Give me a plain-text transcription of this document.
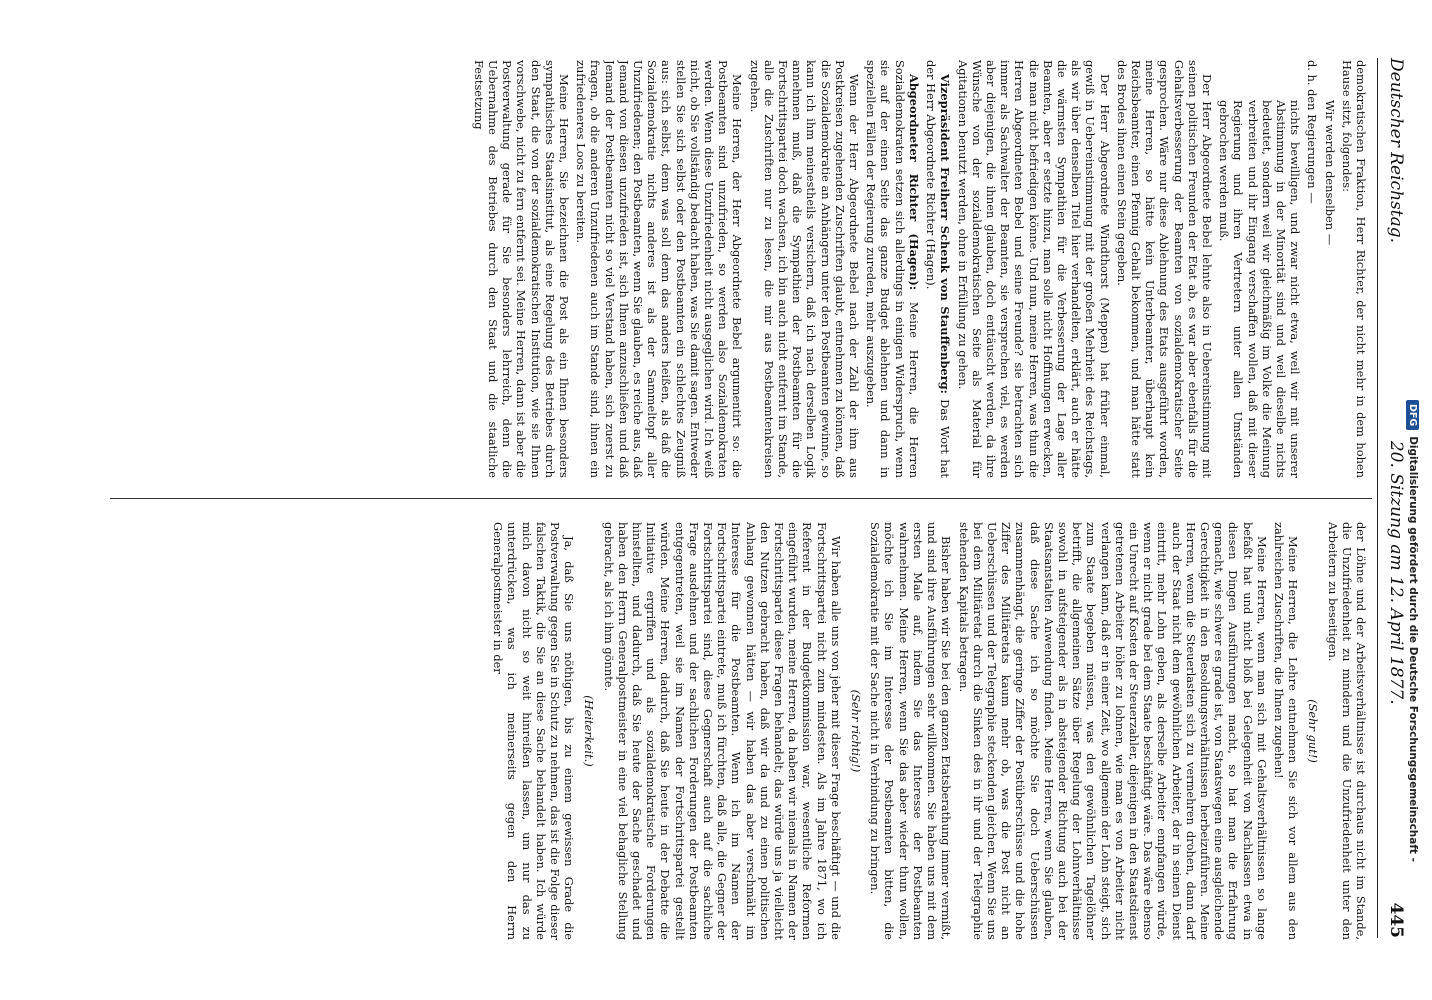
Deutscher Reichstag.
20. Sitzung am 12. April 1877.
445

demokratischen Fraktion, Herr Richter, der nicht mehr in dem hohen Hause sitzt, folgendes:

Wir werden denselben —

d. h. den Regierungen —

nichts bewilligen, und zwar nicht etwa, weil wir mit unserer Abstimmung in der Minorität sind und weil dieselbe nichts bedeutet, sondern weil wir gleichmäßig im Volke die Meinung verbreiten und ihr Eingang verschaffen wollen, daß mit dieser Regierung und ihren Vertretern unter allen Umständen gebrochen werden muß.

Der Herr Abgeordnete Bebel lehnte also in Uebereinstimmung mit seinen politischen Freunden der Etat ab, es war aber ebenfalls für die Gehaltsverbesserung der Beamten von sozialdemokratischer Seite gesprochen. Wäre nur diese Ablehnung des Etats ausgeführt worden, meine Herren, so hätte kein Unterbeamter, überhaupt kein Reichsbeamter, einen Pfennig Gehalt bekommen, und man hätte statt des Brodes ihnen einen Stein gegeben.

Der Herr Abgeordnete Windthorst (Meppen) hat früher einmal, gewiß in Uebereinstimmung mit der großen Mehrheit des Reichstags, als wir über denselben Titel hier verhandelten, erklärt, auch er hätte die wärmsten Sympathien für die Verbesserung der Lage aller Beamten, aber er setzte hinzu, man solle nicht Hoffnungen erwecken, die man nicht befriedigen könne. Und nun, meine Herren, was thun die Herren Abgeordneten Bebel und seine Freunde? sie betrachten sich immer als Sachwalter der Beamten, sie versprechen viel, es werden aber diejenigen, die ihnen glauben, doch enttäuscht werden, da ihre Wünsche von der sozialdemokratischen Seite als Material für Agitationen benutzt werden, ohne in Erfüllung zu gehen.

Vizepräsident Freiherr Schenk von Stauffenberg: Das Wort hat der Herr Abgeordnete Richter (Hagen).

Abgeordneter Richter (Hagen): Meine Herren, die Herren Sozialdemokraten setzen sich allerdings in einigen Widerspruch, wenn sie auf der einen Seite das ganze Budget ablehnen und dann in speziellen Fällen der Regierung zureden, mehr auszugeben.

Wenn der Herr Abgeordnete Bebel nach der Zahl der ihm aus Postkreisen zugehenden Zuschriften glaubt, entnehmen zu können, daß die Sozialdemokratie an Anhängern unter den Postbeamten gewinne, so kann ich ihm meinestheils versichern, daß ich nach derselben Logik annehmen muß, daß die Sympathien der Postbeamten für die Fortschrittspartei doch wachsen, ich bin auch nicht entfernt im Stande, alle die Zuschriften nur zu lesen, die mir aus Postbeamtenkreisen zugehen.

Meine Herren, der Herr Abgeordnete Bebel argumentirt so: die Postbeamten sind unzufrieden, so werden also Sozialdemokraten werden. Wenn diese Unzufriedenheit nicht ausgeglichen wird. Ich weiß nicht, ob Sie vollständig bedacht haben, was Sie damit sagen. Entweder stellen Sie sich selbst oder den Postbeamten ein schlechtes Zeugniß aus: sich selbst, denn was soll denn das anders heißen, als daß die Sozialdemokratie nichts anderes ist als der Sammeltopf aller Unzufriedenen; den Postbeamten, wenn Sie glauben, es reiche aus, daß Jemand von diesen unzufrieden ist, sich Ihnen anzuschließen und daß Jemand der Postbeamten nicht so viel Verstand haben, sich zuerst zu fragen, ob die anderen Unzufriedenen auch im Stande sind, ihnen ein zufriedeneres Loos zu bereiten.

Meine Herren, Sie bezeichnen die Post als ein Ihnen besonders sympathisches Staatsinstitut, als eine Regelung des Betriebes durch den Staat, die von der sozialdemokratischen Institution, wie sie Ihnen vorschwebe, nicht zu fern entfernt sei. Meine Herren, dann ist aber die Postverwaltung gerade für Sie besonders lehrreich, denn die Uebernahme des Betriebes durch den Staat und die staatliche Festsetzung

der Löhne und der Arbeitsverhältnisse ist durchaus nicht im Stande, die Unzufriedenheit zu mindern und die Unzufriedenheit unter den Arbeitern zu beseitigen.

(Sehr gut!)

Meine Herren, die Lehre entnehmen Sie sich vor allem aus den zahlreichen Zuschriften, die Ihnen zugehen!

Meine Herren, wenn man sich mit Gehaltsverhältnissen so lange befaßt hat und nicht bloß bei Gelegenheit von Nachlassen etwa in diesen Dingen Ausführungen macht, so hat man die Erfahrung gemacht, wie schwer es grade ist, von Staatswegen eine ausgleichende Gerechtigkeit in den Besoldungsverhältnissen herbeizuführen. Meine Herren, wenn die Steuerlasten sich zu vermehren drohen, dann darf auch der Staat nicht dem gewöhnlichen Arbeiter, der in seinen Dienst eintritt, mehr Lohn geben, als derselbe Arbeiter empfangen würde, wenn er nicht grade bei dem Staate beschäftigt wäre. Das wäre ebenso ein Unrecht auf Kosten der Steuerzahler, diejenigen in den Staatsdienst getretenen Arbeiter höher zu lohnen, wie man es von Arbeiter nicht verlangen kann, daß er in einer Zeit, wo allgemein der Lohn steigt, sich zum Staate begeben müssen, was den gewöhnlichen Tagelöhner betrifft, die allgemeinen Sätze über Regelung der Lohnverhältnisse sowohl in aufsteigender als in absteigender Richtung auch bei der Staatsanstalten Anwendung finden. Meine Herren, wenn Sie glauben, daß diese Sache ich so möchte Sie doch Ueberschüssen zusammenhängt, die geringe Ziffer der Postüberschüsse und die hohe Ziffer des Militäretats kaum mehr ob, was die Post nicht an Ueberschüssen und der Telegraphie steckenden gleichen. Wenn Sie uns bei dem Militäretat durch die Sinken des in ihr und der Telegraphie stehenden Kapitals betragen.

Bisher haben wir Sie bei den ganzen Etatsberathung immer vermißt, und sind ihre Ausführungen sehr willkommen. Sie haben uns mit dem ersten Male auf, indem Sie das Interesse der Postbeamten wahrnehmen. Meine Herren, wenn Sie das aber wieder thun wollen, möchte ich Sie im Interesse der Postbeamten bitten, die Sozialdemokratie mit der Sache nicht in Verbindung zu bringen.

(Sehr richtig!)

Wir haben alle uns von jeher mit dieser Frage beschäftigt — und die Fortschrittspartei nicht zum mindesten. Als im Jahre 1871, wo ich Referent in der Budgetkommission war, wesentliche Reformen eingeführt wurden, meine Herren, da haben wir niemals in Namen der Fortschrittspartei diese Fragen behandelt; das würde uns ja vielleicht den Nutzen gebracht haben, daß wir da und zu einen politischen Anhang gewonnen hätten — wir haben das aber verschmäht im Interesse für die Postbeamten. Wenn ich im Namen der Fortschrittspartei eintrete, muß ich fürchten, daß alle, die Gegner der Fortschrittspartei sind, diese Gegnerschaft auch auf die sachliche Frage ausdehnen und der sachlichen Forderungen der Postbeamten entgegentreten, weil sie im Namen der Fortschrittspartei gestellt würden. Meine Herren, dadurch, daß Sie heute in der Debatte die Initiative ergriffen und als sozialdemokratische Forderungen hinstellten, und dadurch, daß Sie heute der Sache geschadet und haben den Herrn Generalpostmeister in eine viel behagliche Stellung gebracht, als ich ihm gönnte.

(Heiterkeit.)

Ja, daß Sie uns nöthigen, bis zu einem gewissen Grade die Postverwaltung gegen Sie in Schutz zu nehmen, das ist die Folge dieser falschen Taktik, die Sie an diese Sache behandelt haben. Ich würde mich davon nicht so weit hinreißen lassen, um nur das zu unterdrücken, was ich meinerseits gegen den Herrn Generalpostmeister in der

DFG
Digitalisierung gefördert durch die Deutsche Forschungsgemeinschaft -
